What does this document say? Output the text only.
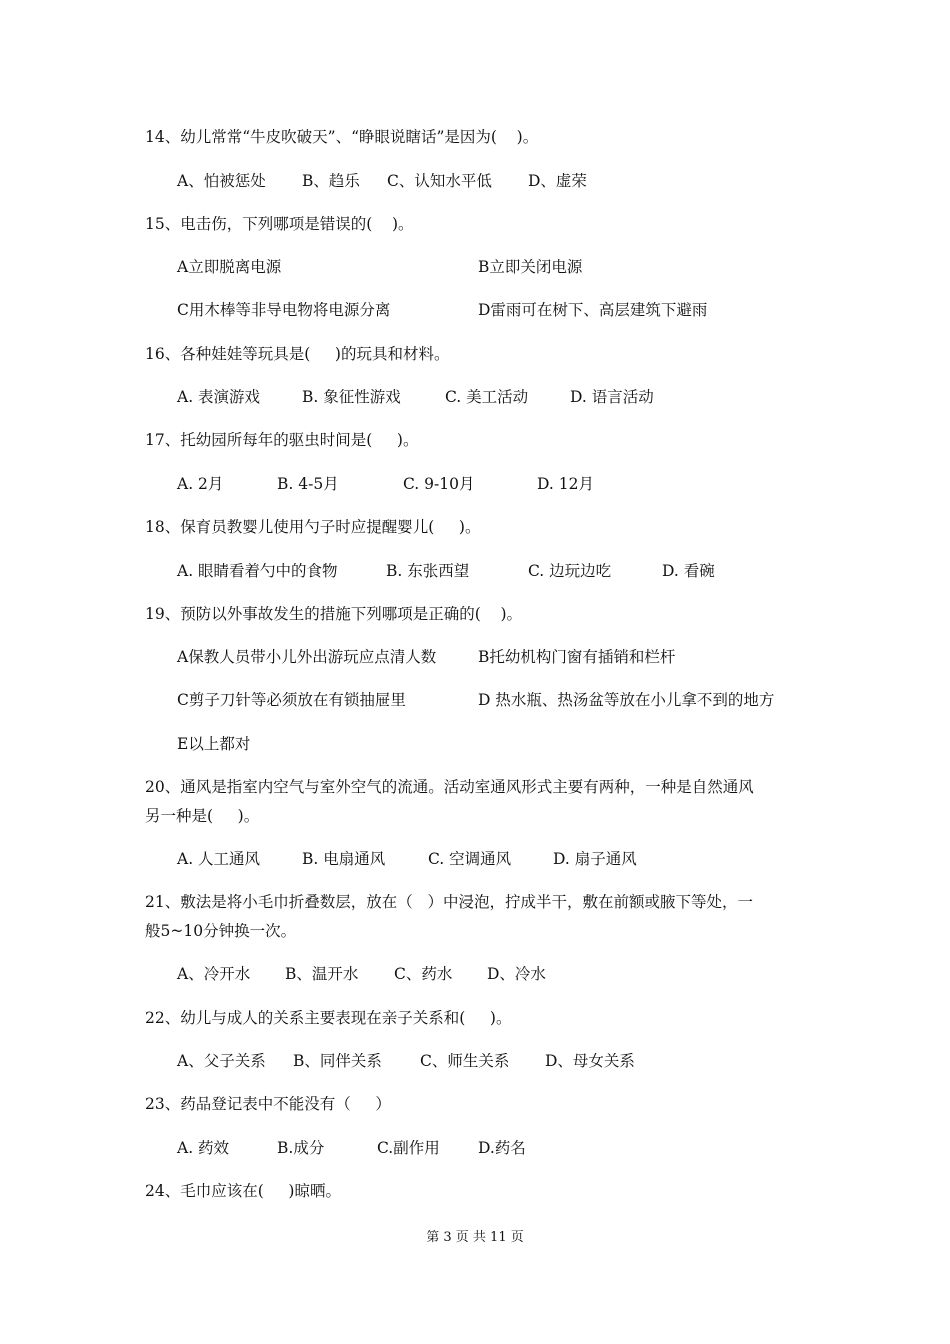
14、幼儿常常“牛皮吹破天”、“睁眼说瞎话”是因为(    )。
A、怕被惩处 B、趋乐 C、认知水平低 D、虚荣
15、电击伤，下列哪项是错误的(    )。
A立即脱离电源	B立即关闭电源
C用木棒等非导电物将电源分离	D雷雨可在树下、高层建筑下避雨
16、各种娃娃等玩具是(     )的玩具和材料。
A. 表演游戏	B. 象征性游戏	C. 美工活动	D. 语言活动
17、托幼园所每年的驱虫时间是(     )。
A. 2月	B. 4-5月	C. 9-10月	D. 12月
18、保育员教婴儿使用勺子时应提醒婴儿(     )。
A. 眼睛看着勺中的食物	B. 东张西望	C. 边玩边吃	D. 看碗
19、预防以外事故发生的措施下列哪项是正确的(    )。
A保教人员带小儿外出游玩应点清人数	B托幼机构门窗有插销和栏杆
C剪子刀针等必须放在有锁抽屉里	D 热水瓶、热汤盆等放在小儿拿不到的地方
E以上都对
20、通风是指室内空气与室外空气的流通。活动室通风形式主要有两种，一种是自然通风
另一种是(     )。
A. 人工通风	B. 电扇通风	C. 空调通风	D. 扇子通风
21、敷法是将小毛巾折叠数层，放在（   ）中浸泡，拧成半干，敷在前额或腋下等处，一
般5~10分钟换一次。
A、冷开水 B、温开水 C、药水 D、冷水
22、幼儿与成人的关系主要表现在亲子关系和(     )。
A、父子关系 B、同伴关系 C、师生关系 D、母女关系
23、药品登记表中不能没有（     ）
A. 药效	B.成分	C.副作用 D.药名
24、毛巾应该在(     )晾晒。
第 3 页 共 11 页
